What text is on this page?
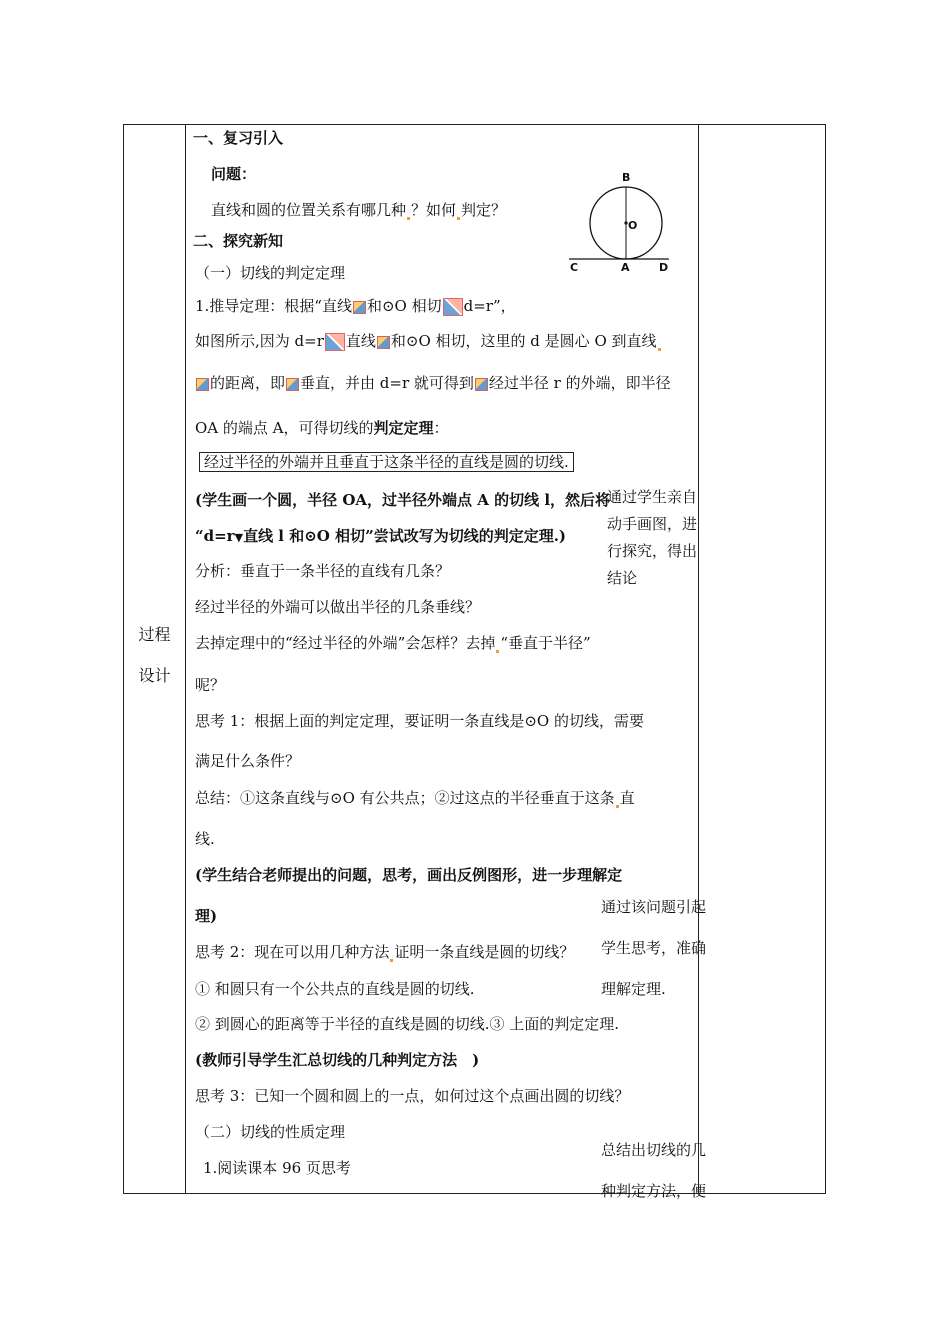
过程
设计
一、复习引入
问题：
直线和圆的位置关系有哪几种 ？如何 判定？
二、探究新知
（一）切线的判定定理
1.推导定理：根据“直线 和⊙O 相切 d=r”，
如图所示,因为 d=r 直线 和⊙O 相切，这里的 d 是圆心 O 到直线
的距离，即 垂直，并由 d=r 就可得到 经过半径 r 的外端，即半径
OA 的端点 A，可得切线的判定定理：
经过半径的外端并且垂直于这条半径的直线是圆的切线.
(学生画一个圆，半径 OA，过半径外端点 A 的切线 l，然后将
“d=r▼直线 l 和⊙O 相切”尝试改写为切线的判定定理.)
分析：垂直于一条半径的直线有几条？
经过半径的外端可以做出半径的几条垂线？
去掉定理中的“经过半径的外端”会怎样？去掉 “垂直于半径”
呢？
思考 1：根据上面的判定定理，要证明一条直线是⊙O 的切线，需要
满足什么条件？
总结：①这条直线与⊙O 有公共点；②过这点的半径垂直于这条 直
线.
(学生结合老师提出的问题，思考，画出反例图形，进一步理解定
理)
思考 2：现在可以用几种方法 证明一条直线是圆的切线？
① 和圆只有一个公共点的直线是圆的切线.
② 到圆心的距离等于半径的直线是圆的切线.③ 上面的判定定理.
(教师引导学生汇总切线的几种判定方法　)
思考 3：已知一个圆和圆上的一点，如何过这个点画出圆的切线？
（二）切线的性质定理
1.阅读课本 96 页思考
B
O
C	A	D
通过学生亲自
动手画图，进
行探究，得出
结论
通过该问题引起
学生思考，准确
理解定理.
总结出切线的几
种判定方法，便
